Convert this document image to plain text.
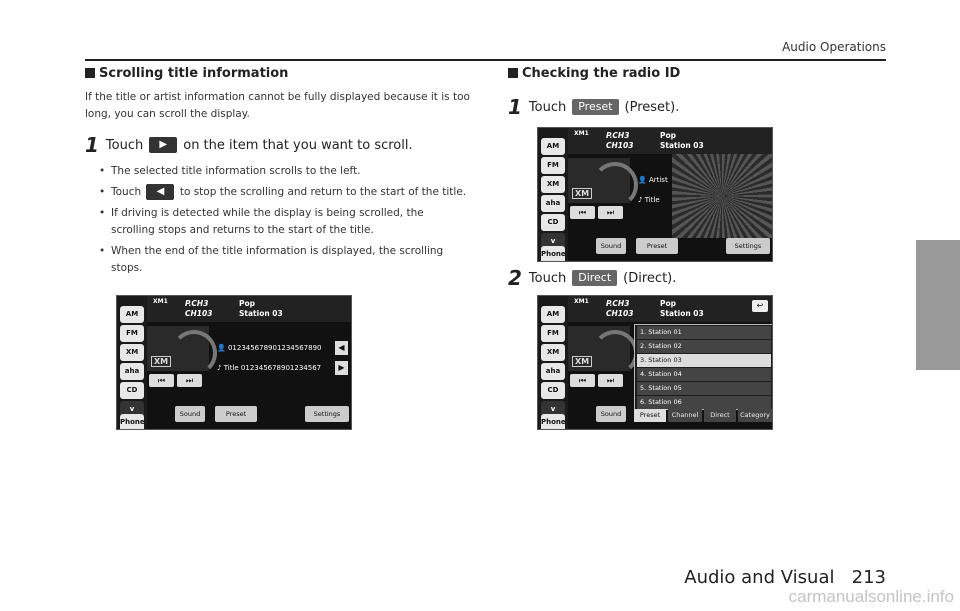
Audio Operations
Scrolling title information

If the title or artist information cannot be fully displayed because it is too long, you can scroll the display.

1 Touch	▶	on the item that you want to scroll.
• The selected title information scrolls to the left.
• Touch ◀ to stop the scrolling and return to the start of the title.
• If driving is detected while the display is being scrolled, the scrolling stops and returns to the start of the title.
• When the end of the title information is displayed, the scrolling stops.
AM
FM
XM
aha
CD
v
Phone
XM1 P.CH3
CH103
Pop
Station 03
XM
⏮	⏭
👤 01234567890123456789​0
♪ Title 012345678901234567
◀
▶
Sound	Preset	Settings
Checking the radio ID
1 Touch	Preset (Preset).
2 Touch	Direct (Direct).
AM
FM
XM
aha
CD
v
Phone
XM1 P.CH3
CH103
Pop
Station 03
XM
⏮	⏭
👤 Artist
♪ Title
Sound	Preset	Settings
AM
FM
XM
aha
CD
v
Phone
XM1 P.CH3
CH103
Pop
Station 03
↩
XM
⏮	⏭
1. Station 01
2. Station 02
3. Station 03
4. Station 04
5. Station 05
6. Station 06
Sound	Preset	Channel	Direct	Category
Audio and Visual   213
carmanualsonline.info
